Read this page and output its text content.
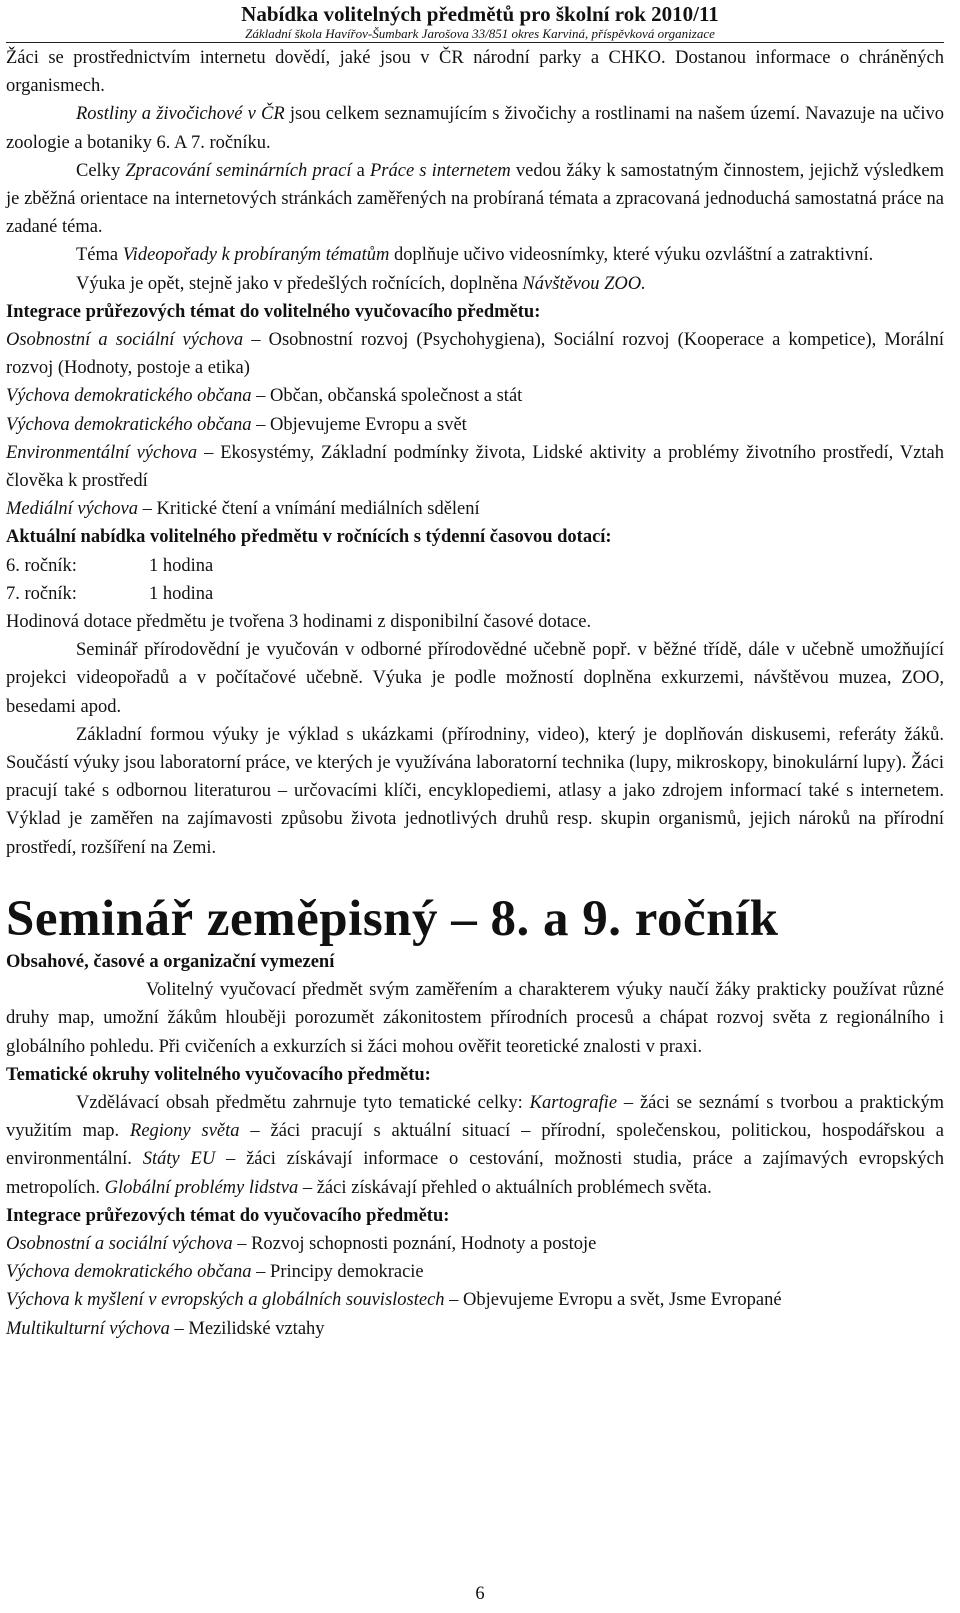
Nabídka volitelných předmětů pro školní rok 2010/11
Základní škola Havířov-Šumbark Jarošova 33/851 okres Karviná, příspěvková organizace

Žáci se prostřednictvím internetu dovědí, jaké jsou v ČR národní parky a CHKO. Dostanou informace o chráněných organismech.

Rostliny a živočichové v ČR jsou celkem seznamujícím s živočichy a rostlinami na našem území. Navazuje na učivo zoologie a botaniky 6. A 7. ročníku.

Celky Zpracování seminárních prací a Práce s internetem vedou žáky k samostatným činnostem, jejichž výsledkem je zběžná orientace na internetových stránkách zaměřených na probíraná témata a zpracovaná jednoduchá samostatná práce na zadané téma.

Téma Videopořady k probíraným tématům doplňuje učivo videosnímky, které výuku ozvláštní a zatraktivní.

Výuka je opět, stejně jako v předešlých ročnících, doplněna Návštěvou ZOO.

Integrace průřezových témat do volitelného vyučovacího předmětu:

Osobnostní a sociální výchova – Osobnostní rozvoj (Psychohygiena), Sociální rozvoj (Kooperace a kompetice), Morální rozvoj (Hodnoty, postoje a etika)

Výchova demokratického občana – Občan, občanská společnost a stát

Výchova demokratického občana – Objevujeme Evropu a svět

Environmentální výchova – Ekosystémy, Základní podmínky života, Lidské aktivity a problémy životního prostředí, Vztah člověka k prostředí

Mediální výchova – Kritické čtení a vnímání mediálních sdělení

Aktuální nabídka volitelného předmětu v ročnících s týdenní časovou dotací:

6. ročník:	1 hodina
7. ročník:	1 hodina

Hodinová dotace předmětu je tvořena 3 hodinami z disponibilní časové dotace.

Seminář přírodovědní je vyučován v odborné přírodovědné učebně popř. v běžné třídě, dále v učebně umožňující projekci videopořadů a v počítačové učebně. Výuka je podle možností doplněna exkurzemi, návštěvou muzea, ZOO, besedami apod.

Základní formou výuky je výklad s ukázkami (přírodniny, video), který je doplňován diskusemi, referáty žáků. Součástí výuky jsou laboratorní práce, ve kterých je využívána laboratorní technika (lupy, mikroskopy, binokulární lupy). Žáci pracují také s odbornou literaturou – určovacími klíči, encyklopediemi, atlasy a jako zdrojem informací také s internetem. Výklad je zaměřen na zajímavosti způsobu života jednotlivých druhů resp. skupin organismů, jejich nároků na přírodní prostředí, rozšíření na Zemi.

Seminář zeměpisný – 8. a 9. ročník

Obsahové, časové a organizační vymezení

Volitelný vyučovací předmět svým zaměřením a charakterem výuky naučí žáky prakticky používat různé druhy map, umožní žákům hlouběji porozumět zákonitostem přírodních procesů a chápat rozvoj světa z regionálního i globálního pohledu. Při cvičeních a exkurzích si žáci mohou ověřit teoretické znalosti v praxi.

Tematické okruhy volitelného vyučovacího předmětu:

Vzdělávací obsah předmětu zahrnuje tyto tematické celky: Kartografie – žáci se seznámí s tvorbou a praktickým využitím map. Regiony světa – žáci pracují s aktuální situací – přírodní, společenskou, politickou, hospodářskou a environmentální. Státy EU – žáci získávají informace o cestování, možnosti studia, práce a zajímavých evropských metropolích. Globální problémy lidstva – žáci získávají přehled o aktuálních problémech světa.

Integrace průřezových témat do vyučovacího předmětu:

Osobnostní a sociální výchova – Rozvoj schopnosti poznání, Hodnoty a postoje

Výchova demokratického občana – Principy demokracie

Výchova k myšlení v evropských a globálních souvislostech – Objevujeme Evropu a svět, Jsme Evropané

Multikulturní výchova – Mezilidské vztahy

6
